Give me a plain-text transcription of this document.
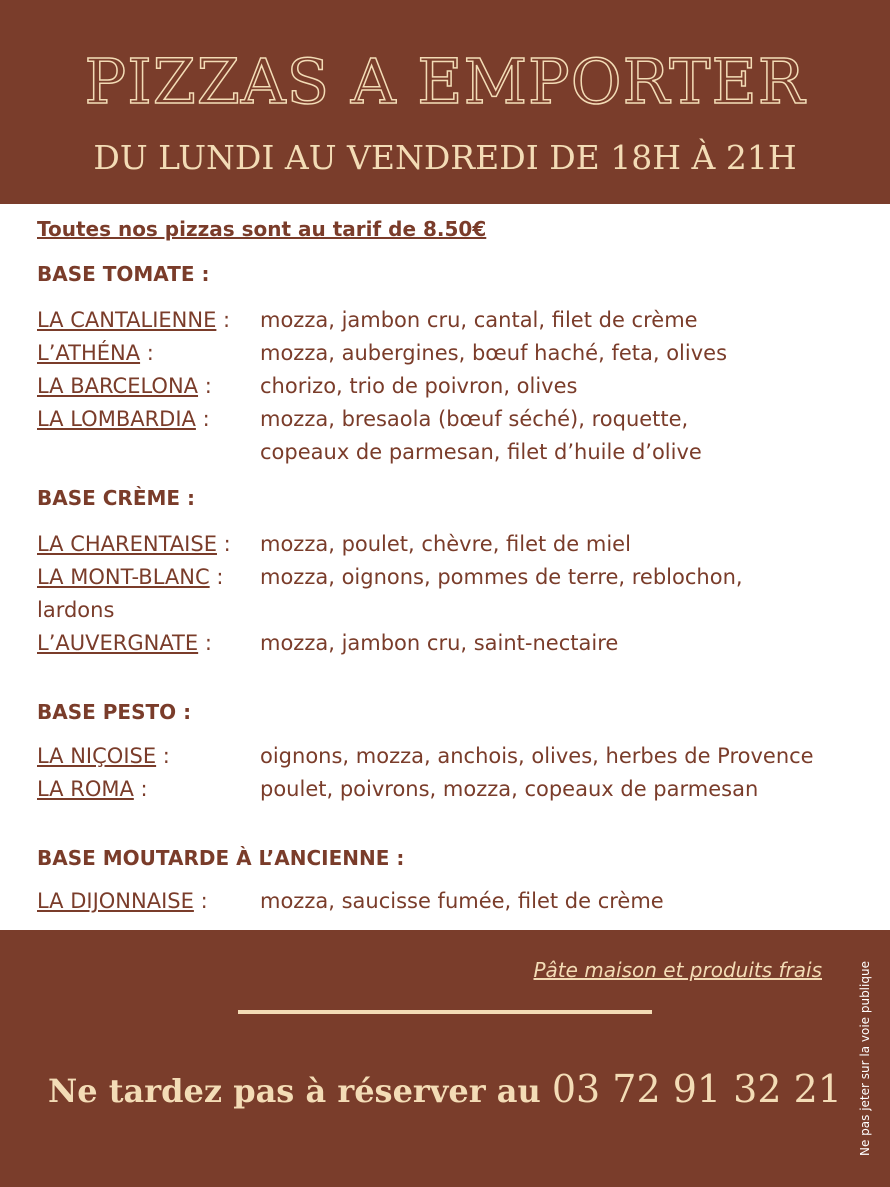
PIZZAS A EMPORTER
DU LUNDI AU VENDREDI DE 18H À 21H
Toutes nos pizzas sont au tarif de 8.50€
BASE TOMATE :
LA CANTALIENNE : mozza, jambon cru, cantal, filet de crème
L’ATHÉNA :	mozza, aubergines, bœuf haché, feta, olives
LA BARCELONA : chorizo, trio de poivron, olives
LA LOMBARDIA : mozza, bresaola (bœuf séché), roquette,
copeaux de parmesan, filet d’huile d’olive
BASE CRÈME :
LA CHARENTAISE : mozza, poulet, chèvre, filet de miel
LA MONT-BLANC : mozza, oignons, pommes de terre, reblochon,
lardons
L’AUVERGNATE : mozza, jambon cru, saint-nectaire
BASE PESTO :
LA NIÇOISE :	oignons, mozza, anchois, olives, herbes de Provence
LA ROMA :	poulet, poivrons, mozza, copeaux de parmesan
BASE MOUTARDE À L’ANCIENNE :
LA DIJONNAISE : mozza, saucisse fumée, filet de crème
Pâte maison et produits frais
Ne tardez pas à réserver au 03 72 91 32 21	Ne pas jeter sur la voie publique
